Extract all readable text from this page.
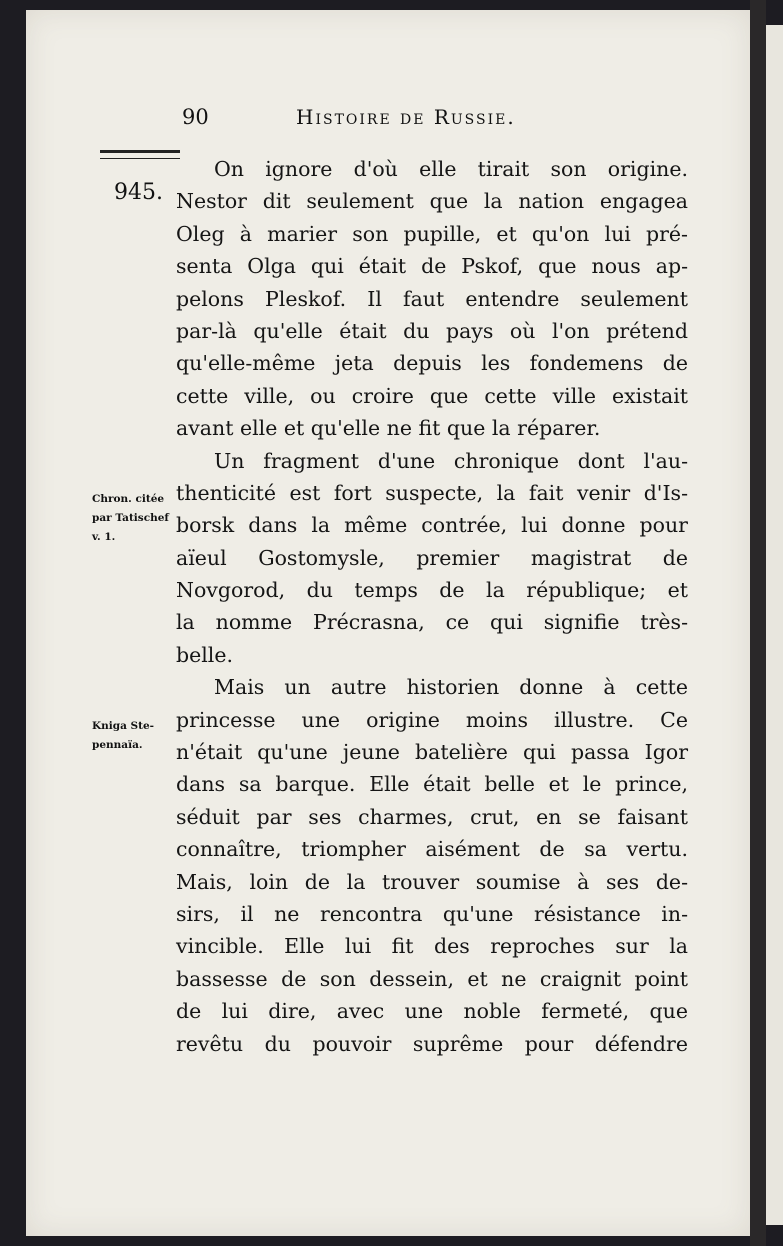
90	Histoire de Russie.
945.
Chron. citée
par Tatischef
v. 1.
Kniga Ste-
pennaïa.
On ignore d'où elle tirait son origine.
Nestor dit seulement que la nation engagea
Oleg à marier son pupille, et qu'on lui pré-
senta Olga qui était de Pskof, que nous ap-
pelons Pleskof. Il faut entendre seulement
par-là qu'elle était du pays où l'on prétend
qu'elle-même jeta depuis les fondemens de
cette ville, ou croire que cette ville existait
avant elle et qu'elle ne fit que la réparer.
Un fragment d'une chronique dont l'au-
thenticité est fort suspecte, la fait venir d'Is-
borsk dans la même contrée, lui donne pour
aïeul Gostomysle, premier magistrat de
Novgorod, du temps de la république; et
la nomme Précrasna, ce qui signifie très-
belle.
Mais un autre historien donne à cette
princesse une origine moins illustre. Ce
n'était qu'une jeune batelière qui passa Igor
dans sa barque. Elle était belle et le prince,
séduit par ses charmes, crut, en se faisant
connaître, triompher aisément de sa vertu.
Mais, loin de la trouver soumise à ses de-
sirs, il ne rencontra qu'une résistance in-
vincible. Elle lui fit des reproches sur la
bassesse de son dessein, et ne craignit point
de lui dire, avec une noble fermeté, que
revêtu du pouvoir suprême pour défendre
